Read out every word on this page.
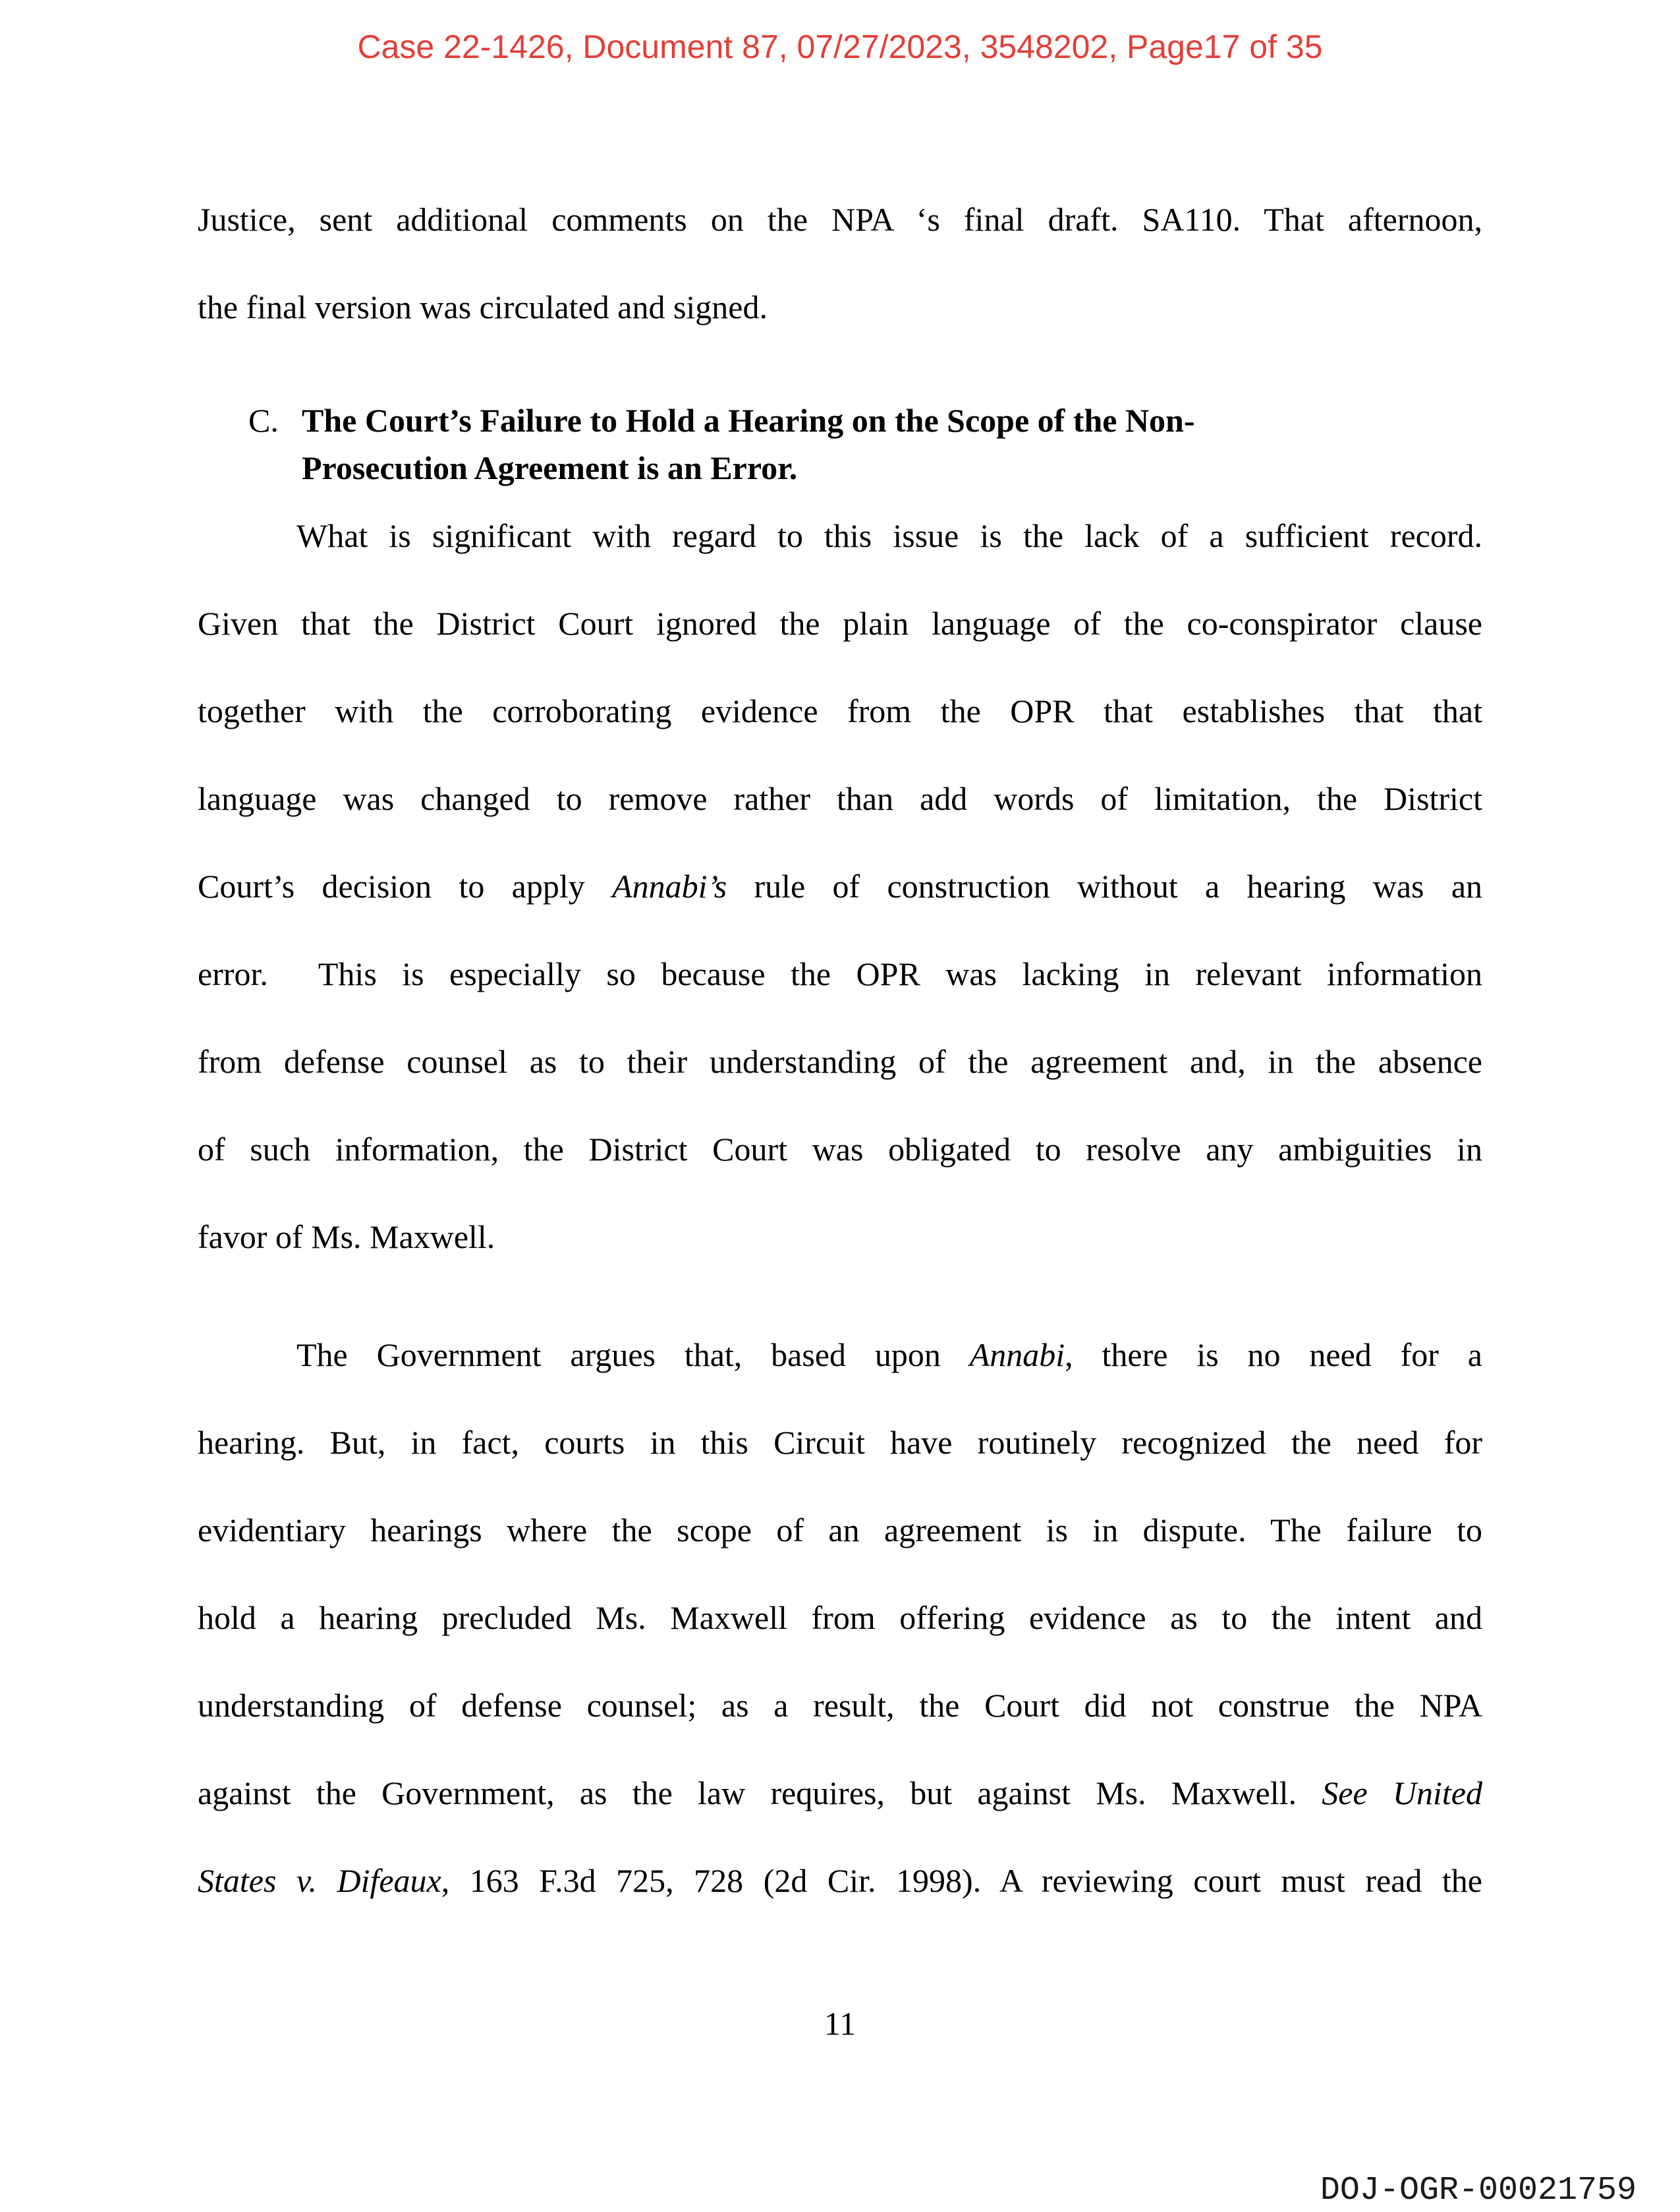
Case 22-1426, Document 87, 07/27/2023, 3548202, Page17 of 35
Justice, sent additional comments on the NPA ‘s final draft. SA110. That afternoon,
the final version was circulated and signed.
C. The Court’s Failure to Hold a Hearing on the Scope of the Non-
Prosecution Agreement is an Error.
What is significant with regard to this issue is the lack of a sufficient record.
Given that the District Court ignored the plain language of the co-conspirator clause
together with the corroborating evidence from the OPR that establishes that that
language was changed to remove rather than add words of limitation, the District
Court’s decision to apply Annabi’s rule of construction without a hearing was an
error.  This is especially so because the OPR was lacking in relevant information
from defense counsel as to their understanding of the agreement and, in the absence
of such information, the District Court was obligated to resolve any ambiguities in
favor of Ms. Maxwell.
The Government argues that, based upon Annabi, there is no need for a
hearing. But, in fact, courts in this Circuit have routinely recognized the need for
evidentiary hearings where the scope of an agreement is in dispute. The failure to
hold a hearing precluded Ms. Maxwell from offering evidence as to the intent and
understanding of defense counsel; as a result, the Court did not construe the NPA
against the Government, as the law requires, but against Ms. Maxwell. See United
States v. Difeaux, 163 F.3d 725, 728 (2d Cir. 1998). A reviewing court must read the
11
DOJ-OGR-00021759
